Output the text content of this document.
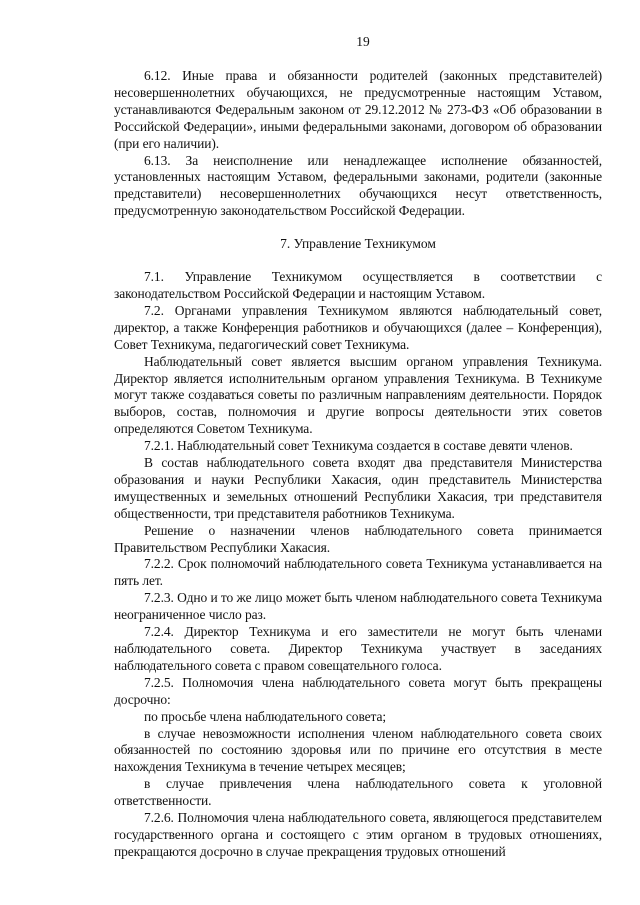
19

6.12. Иные права и обязанности родителей (законных представителей) несовершеннолетних обучающихся, не предусмотренные настоящим Уставом, устанавливаются Федеральным законом от 29.12.2012 № 273-ФЗ «Об образовании в Российской Федерации», иными федеральными законами, договором об образовании (при его наличии).

6.13. За неисполнение или ненадлежащее исполнение обязанностей, установленных настоящим Уставом, федеральными законами, родители (законные представители) несовершеннолетних обучающихся несут ответственность, предусмотренную законодательством Российской Федерации.

7. Управление Техникумом

7.1. Управление Техникумом осуществляется в соответствии с законодательством Российской Федерации и настоящим Уставом.

7.2. Органами управления Техникумом являются наблюдательный совет, директор, а также Конференция работников и обучающихся (далее – Конференция), Совет Техникума, педагогический совет Техникума.

Наблюдательный совет является высшим органом управления Техникума. Директор является исполнительным органом управления Техникума. В Техникуме могут также создаваться советы по различным направлениям деятельности. Порядок выборов, состав, полномочия и другие вопросы деятельности этих советов определяются Советом Техникума.

7.2.1. Наблюдательный совет Техникума создается в составе девяти членов.

В состав наблюдательного совета входят два представителя Министерства образования и науки Республики Хакасия, один представитель Министерства имущественных и земельных отношений Республики Хакасия, три представителя общественности, три представителя работников Техникума.

Решение о назначении членов наблюдательного совета принимается Правительством Республики Хакасия.

7.2.2. Срок полномочий наблюдательного совета Техникума устанавливается на пять лет.

7.2.3. Одно и то же лицо может быть членом наблюдательного совета Техникума неограниченное число раз.

7.2.4. Директор Техникума и его заместители не могут быть членами наблюдательного совета. Директор Техникума участвует в заседаниях наблюдательного совета с правом совещательного голоса.

7.2.5. Полномочия члена наблюдательного совета могут быть прекращены досрочно:

по просьбе члена наблюдательного совета;

в случае невозможности исполнения членом наблюдательного совета своих обязанностей по состоянию здоровья или по причине его отсутствия в месте нахождения Техникума в течение четырех месяцев;

в случае привлечения члена наблюдательного совета к уголовной ответственности.

7.2.6. Полномочия члена наблюдательного совета, являющегося представителем государственного органа и состоящего с этим органом в трудовых отношениях, прекращаются досрочно в случае прекращения трудовых отношений
